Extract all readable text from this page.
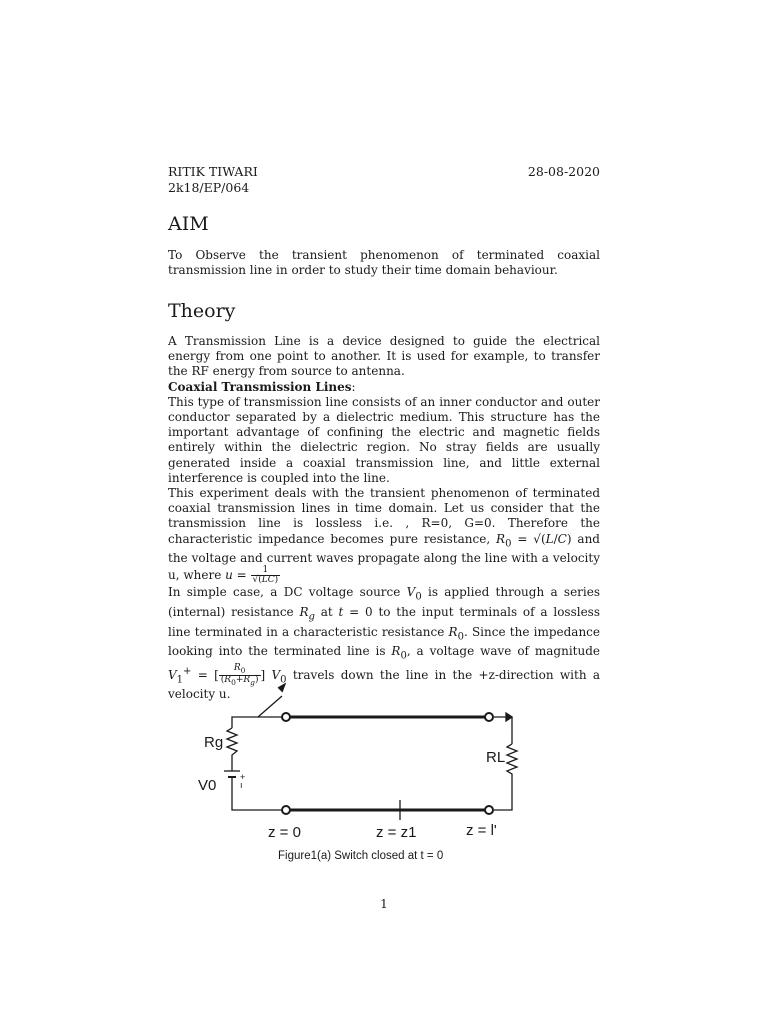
RITIK TIWARI
2k18/EP/064
28-08-2020
AIM
To Observe the transient phenomenon of terminated coaxial transmission line in order to study their time domain behaviour.
Theory

A Transmission Line is a device designed to guide the electrical energy from one point to another. It is used for example, to transfer the RF energy from source to antenna.

Coaxial Transmission Lines:

This type of transmission line consists of an inner conductor and outer conductor separated by a dielectric medium. This structure has the important advantage of confining the electric and magnetic fields entirely within the dielectric region. No stray fields are usually generated inside a coaxial transmission line, and little external interference is coupled into the line.

This experiment deals with the transient phenomenon of terminated coaxial transmission lines in time domain. Let us consider that the transmission line is lossless i.e. , R=0, G=0. Therefore the characteristic impedance becomes pure resistance, $R_0 = √(L/C)$ and the voltage and current waves propagate along the line with a velocity u, where $u = \frac{1}{√(LC)}$

In simple case, a DC voltage source $V_0$ is applied through a series (internal) resistance $R_g$ at t = 0 to the input terminals of a lossless line terminated in a characteristic resistance $R_0$. Since the impedance looking into the terminated line is $R_0$, a voltage wave of magnitude $V_1^+$ = [ $\frac{R_0}{(R_0+R_g)}$ ] $V_0$ travels down the line in the +z-direction with a velocity u.

+
ı
Rg
V0
RL
z = 0	z = z1	z = l'
Figure1(a) Switch closed at t = 0
1
